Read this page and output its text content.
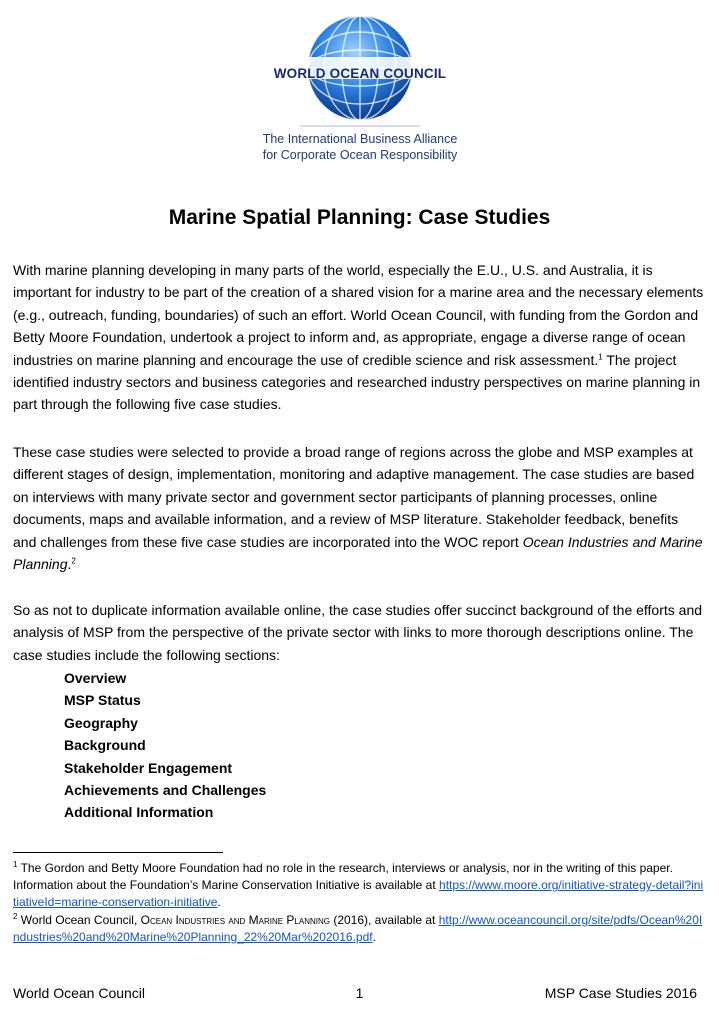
WORLD OCEAN COUNCIL
The International Business Alliance
for Corporate Ocean Responsibility
Marine Spatial Planning: Case Studies

With marine planning developing in many parts of the world, especially the E.U., U.S. and Australia, it is important for industry to be part of the creation of a shared vision for a marine area and the necessary elements (e.g., outreach, funding, boundaries) of such an effort. World Ocean Council, with funding from the Gordon and Betty Moore Foundation, undertook a project to inform and, as appropriate, engage a diverse range of ocean industries on marine planning and encourage the use of credible science and risk assessment.$^1$ The project identified industry sectors and business categories and researched industry perspectives on marine planning in part through the following five case studies.

These case studies were selected to provide a broad range of regions across the globe and MSP examples at different stages of design, implementation, monitoring and adaptive management. The case studies are based on interviews with many private sector and government sector participants of planning processes, online documents, maps and available information, and a review of MSP literature. Stakeholder feedback, benefits and challenges from these five case studies are incorporated into the WOC report Ocean Industries and Marine Planning.$^2$

So as not to duplicate information available online, the case studies offer succinct background of the efforts and analysis of MSP from the perspective of the private sector with links to more thorough descriptions online. The case studies include the following sections:

Overview
MSP Status
Geography
Background
Stakeholder Engagement
Achievements and Challenges
Additional Information

$^1$ The Gordon and Betty Moore Foundation had no role in the research, interviews or analysis, nor in the writing of this paper. Information about the Foundation’s Marine Conservation Initiative is available at https://www.moore.org/initiative-strategy-detail?initiativeId=marine-conservation-initiative.

$^2$ World Ocean Council, Ocean Industries and Marine Planning (2016), available at http://www.oceancouncil.org/site/pdfs/Ocean%20Industries%20and%20Marine%20Planning_22%20Mar%202016.pdf.

World Ocean Council	1	MSP Case Studies 2016
